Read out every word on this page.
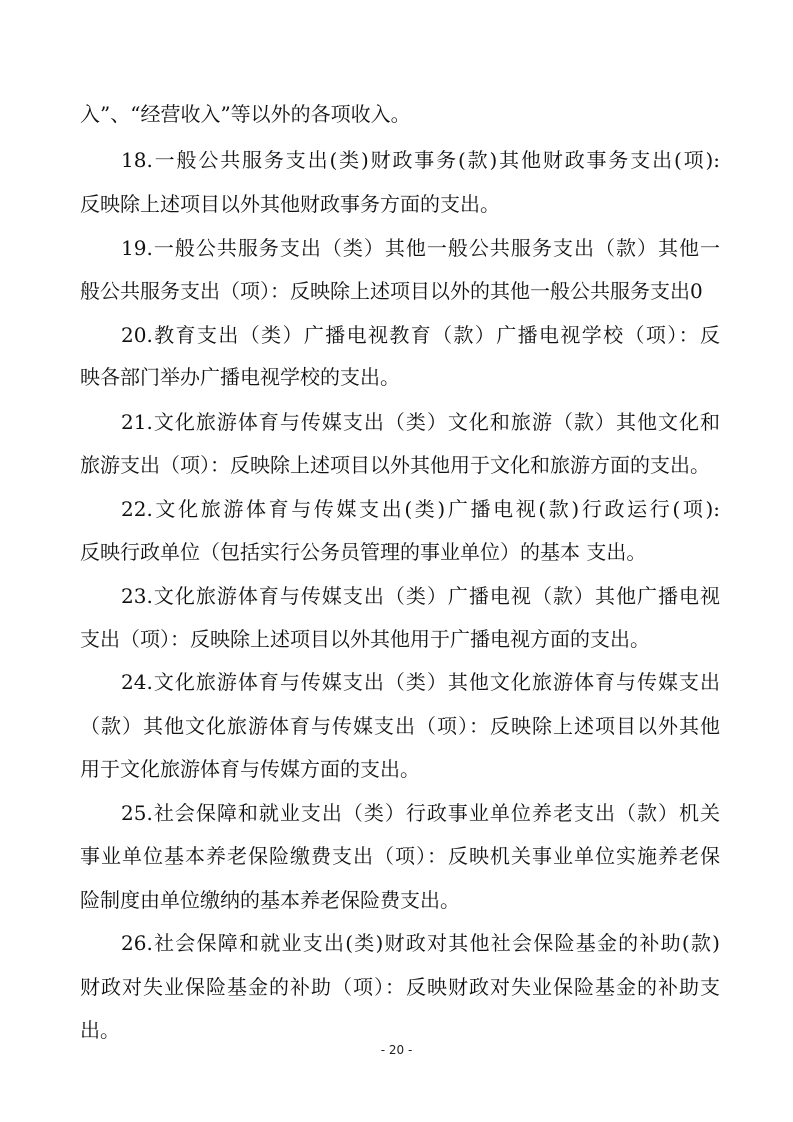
入”、“经营收入”等以外的各项收入。
18.一般公共服务支出(类)财政事务(款)其他财政事务支出(项):
反映除上述项目以外其他财政事务方面的支出。
19.一般公共服务支出（类）其他一般公共服务支出（款）其他一
般公共服务支出（项）：反映除上述项目以外的其他一般公共服务支出0
20.教育支出（类）广播电视教育（款）广播电视学校（项）：反
映各部门举办广播电视学校的支出。
21.文化旅游体育与传媒支出（类）文化和旅游（款）其他文化和
旅游支出（项）：反映除上述项目以外其他用于文化和旅游方面的支出。
22.文化旅游体育与传媒支出(类)广播电视(款)行政运行(项):
反映行政单位（包括实行公务员管理的事业单位）的基本 支出。
23.文化旅游体育与传媒支出（类）广播电视（款）其他广播电视
支出（项）：反映除上述项目以外其他用于广播电视方面的支出。
24.文化旅游体育与传媒支出（类）其他文化旅游体育与传媒支出
（款）其他文化旅游体育与传媒支出（项）：反映除上述项目以外其他
用于文化旅游体育与传媒方面的支出。
25.社会保障和就业支出（类）行政事业单位养老支出（款）机关
事业单位基本养老保险缴费支出（项）：反映机关事业单位实施养老保
险制度由单位缴纳的基本养老保险费支出。
26.社会保障和就业支出(类)财政对其他社会保险基金的补助(款)
财政对失业保险基金的补助（项）：反映财政对失业保险基金的补助支
出。
- 20 -
